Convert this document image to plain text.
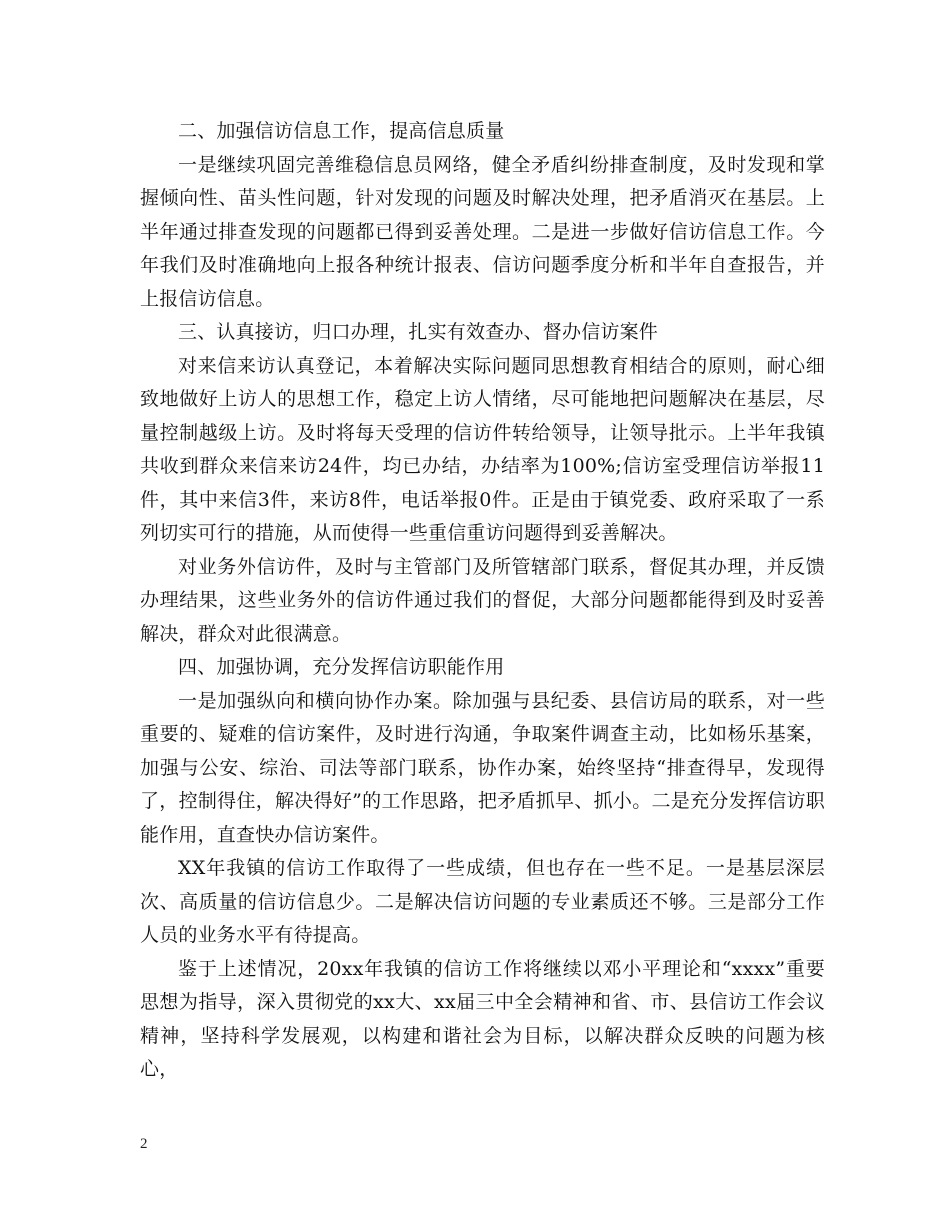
二、加强信访信息工作，提高信息质量

一是继续巩固完善维稳信息员网络，健全矛盾纠纷排查制度，及时发现和掌握倾向性、苗头性问题，针对发现的问题及时解决处理，把矛盾消灭在基层。上半年通过排查发现的问题都已得到妥善处理。二是进一步做好信访信息工作。今年我们及时准确地向上报各种统计报表、信访问题季度分析和半年自查报告，并上报信访信息。

三、认真接访，归口办理，扎实有效查办、督办信访案件

对来信来访认真登记，本着解决实际问题同思想教育相结合的原则，耐心细致地做好上访人的思想工作，稳定上访人情绪，尽可能地把问题解决在基层，尽量控制越级上访。及时将每天受理的信访件转给领导，让领导批示。上半年我镇共收到群众来信来访24件，均已办结，办结率为100%;信访室受理信访举报11件，其中来信3件，来访8件，电话举报0件。正是由于镇党委、政府采取了一系列切实可行的措施，从而使得一些重信重访问题得到妥善解决。

对业务外信访件，及时与主管部门及所管辖部门联系，督促其办理，并反馈办理结果，这些业务外的信访件通过我们的督促，大部分问题都能得到及时妥善解决，群众对此很满意。

四、加强协调，充分发挥信访职能作用

一是加强纵向和横向协作办案。除加强与县纪委、县信访局的联系，对一些重要的、疑难的信访案件，及时进行沟通，争取案件调查主动，比如杨乐基案，加强与公安、综治、司法等部门联系，协作办案，始终坚持“排查得早，发现得了，控制得住，解决得好”的工作思路，把矛盾抓早、抓小。二是充分发挥信访职能作用，直查快办信访案件。

XX年我镇的信访工作取得了一些成绩，但也存在一些不足。一是基层深层次、高质量的信访信息少。二是解决信访问题的专业素质还不够。三是部分工作人员的业务水平有待提高。

鉴于上述情况，20xx年我镇的信访工作将继续以邓小平理论和“xxxx”重要思想为指导，深入贯彻党的xx大、xx届三中全会精神和省、市、县信访工作会议精神，坚持科学发展观，以构建和谐社会为目标，以解决群众反映的问题为核心，

2
